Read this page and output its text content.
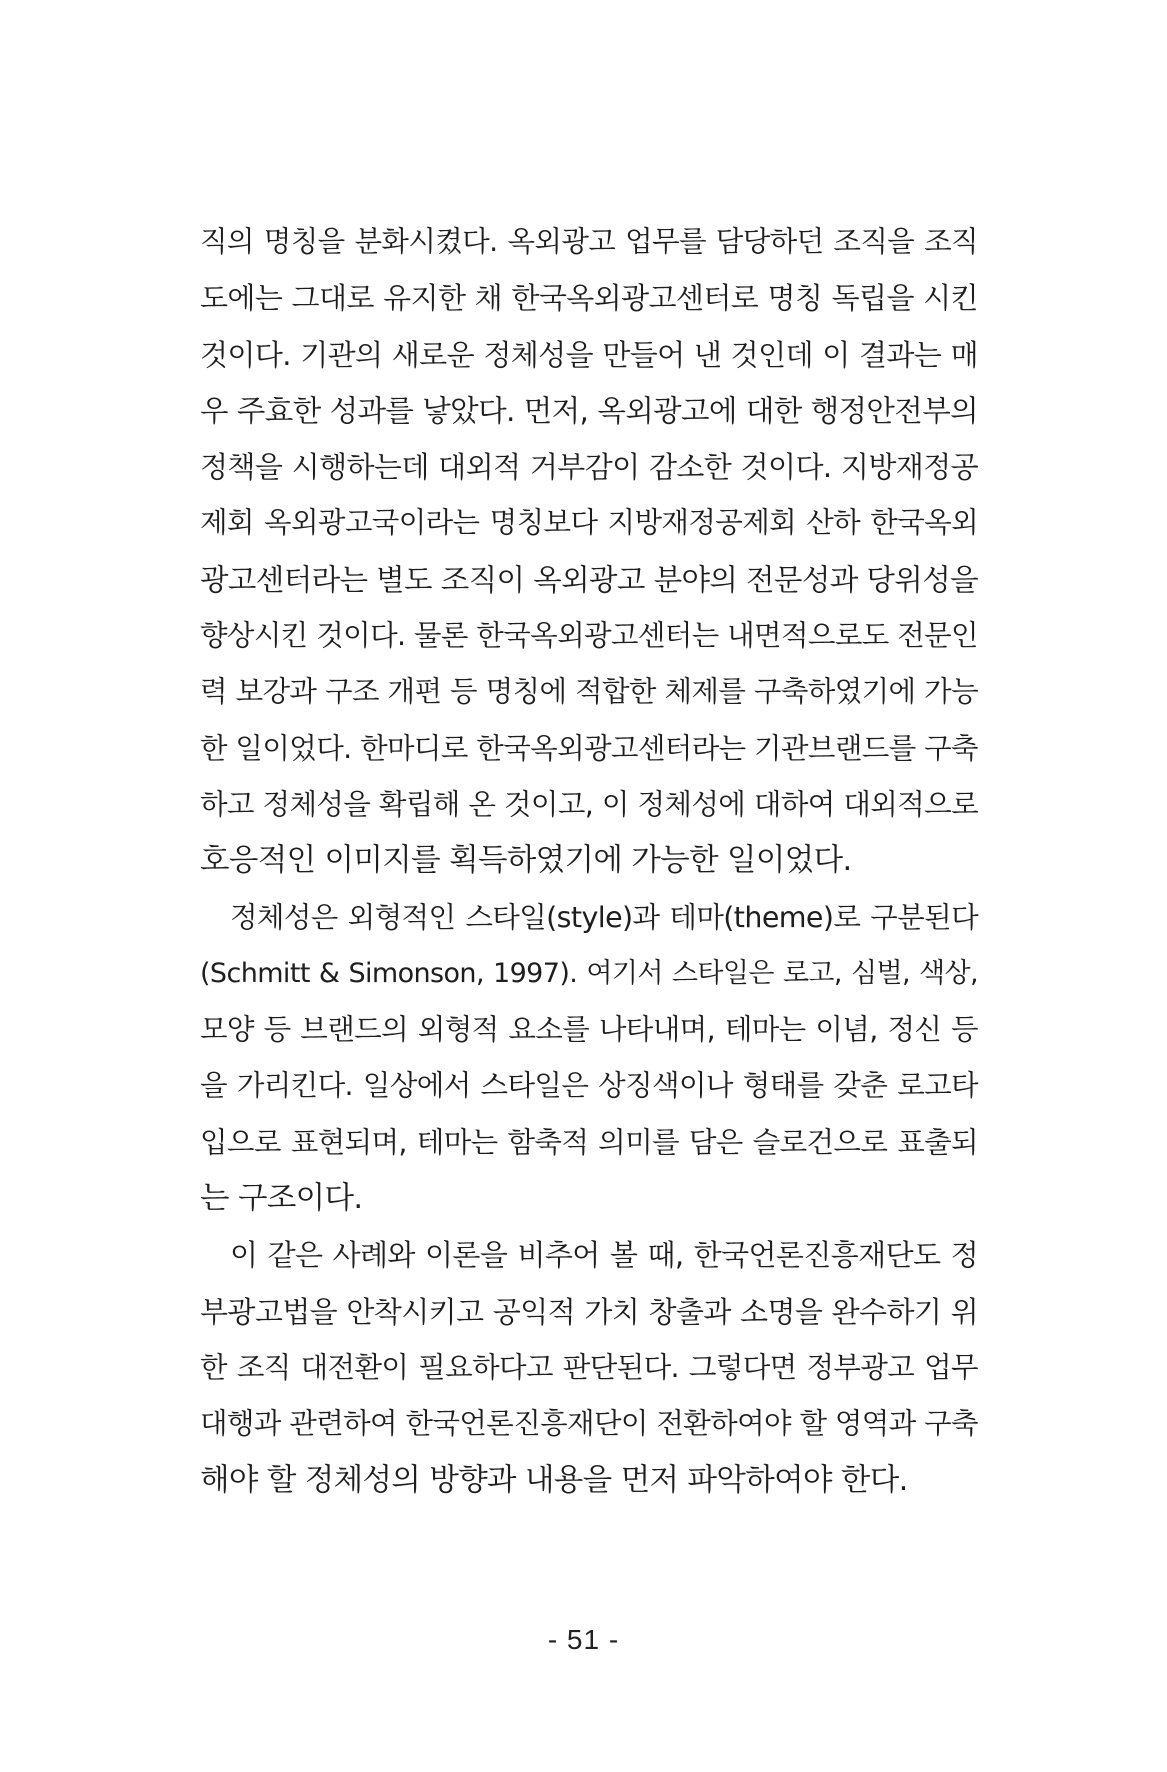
직의 명칭을 분화시켰다. 옥외광고 업무를 담당하던 조직을 조직
도에는 그대로 유지한 채 한국옥외광고센터로 명칭 독립을 시킨
것이다. 기관의 새로운 정체성을 만들어 낸 것인데 이 결과는 매
우 주효한 성과를 낳았다. 먼저, 옥외광고에 대한 행정안전부의
정책을 시행하는데 대외적 거부감이 감소한 것이다. 지방재정공
제회 옥외광고국이라는 명칭보다 지방재정공제회 산하 한국옥외
광고센터라는 별도 조직이 옥외광고 분야의 전문성과 당위성을
향상시킨 것이다. 물론 한국옥외광고센터는 내면적으로도 전문인
력 보강과 구조 개편 등 명칭에 적합한 체제를 구축하였기에 가능
한 일이었다. 한마디로 한국옥외광고센터라는 기관브랜드를 구축
하고 정체성을 확립해 온 것이고, 이 정체성에 대하여 대외적으로
호응적인 이미지를 획득하였기에 가능한 일이었다.
정체성은 외형적인 스타일(style)과 테마(theme)로 구분된다
(Schmitt & Simonson, 1997). 여기서 스타일은 로고, 심벌, 색상,
모양 등 브랜드의 외형적 요소를 나타내며, 테마는 이념, 정신 등
을 가리킨다. 일상에서 스타일은 상징색이나 형태를 갖춘 로고타
입으로 표현되며, 테마는 함축적 의미를 담은 슬로건으로 표출되
는 구조이다.
이 같은 사례와 이론을 비추어 볼 때, 한국언론진흥재단도 정
부광고법을 안착시키고 공익적 가치 창출과 소명을 완수하기 위
한 조직 대전환이 필요하다고 판단된다. 그렇다면 정부광고 업무
대행과 관련하여 한국언론진흥재단이 전환하여야 할 영역과 구축
해야 할 정체성의 방향과 내용을 먼저 파악하여야 한다.
- 51 -
